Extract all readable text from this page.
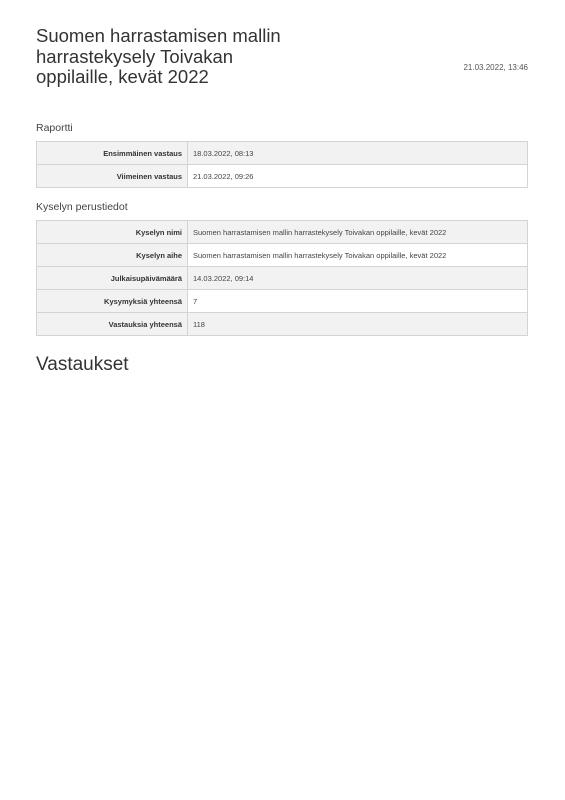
Suomen harrastamisen mallin harrastekysely Toivakan oppilaille, kevät 2022	21.03.2022, 13:46
Raportti
Ensimmäinen vastaus	18.03.2022, 08:13
Viimeinen vastaus	21.03.2022, 09:26
Kyselyn perustiedot
Kyselyn nimi	Suomen harrastamisen mallin harrastekysely Toivakan oppilaille, kevät 2022
Kyselyn aihe	Suomen harrastamisen mallin harrastekysely Toivakan oppilaille, kevät 2022
Julkaisupäivämäärä	14.03.2022, 09:14
Kysymyksiä yhteensä	7
Vastauksia yhteensä	118
Vastaukset
